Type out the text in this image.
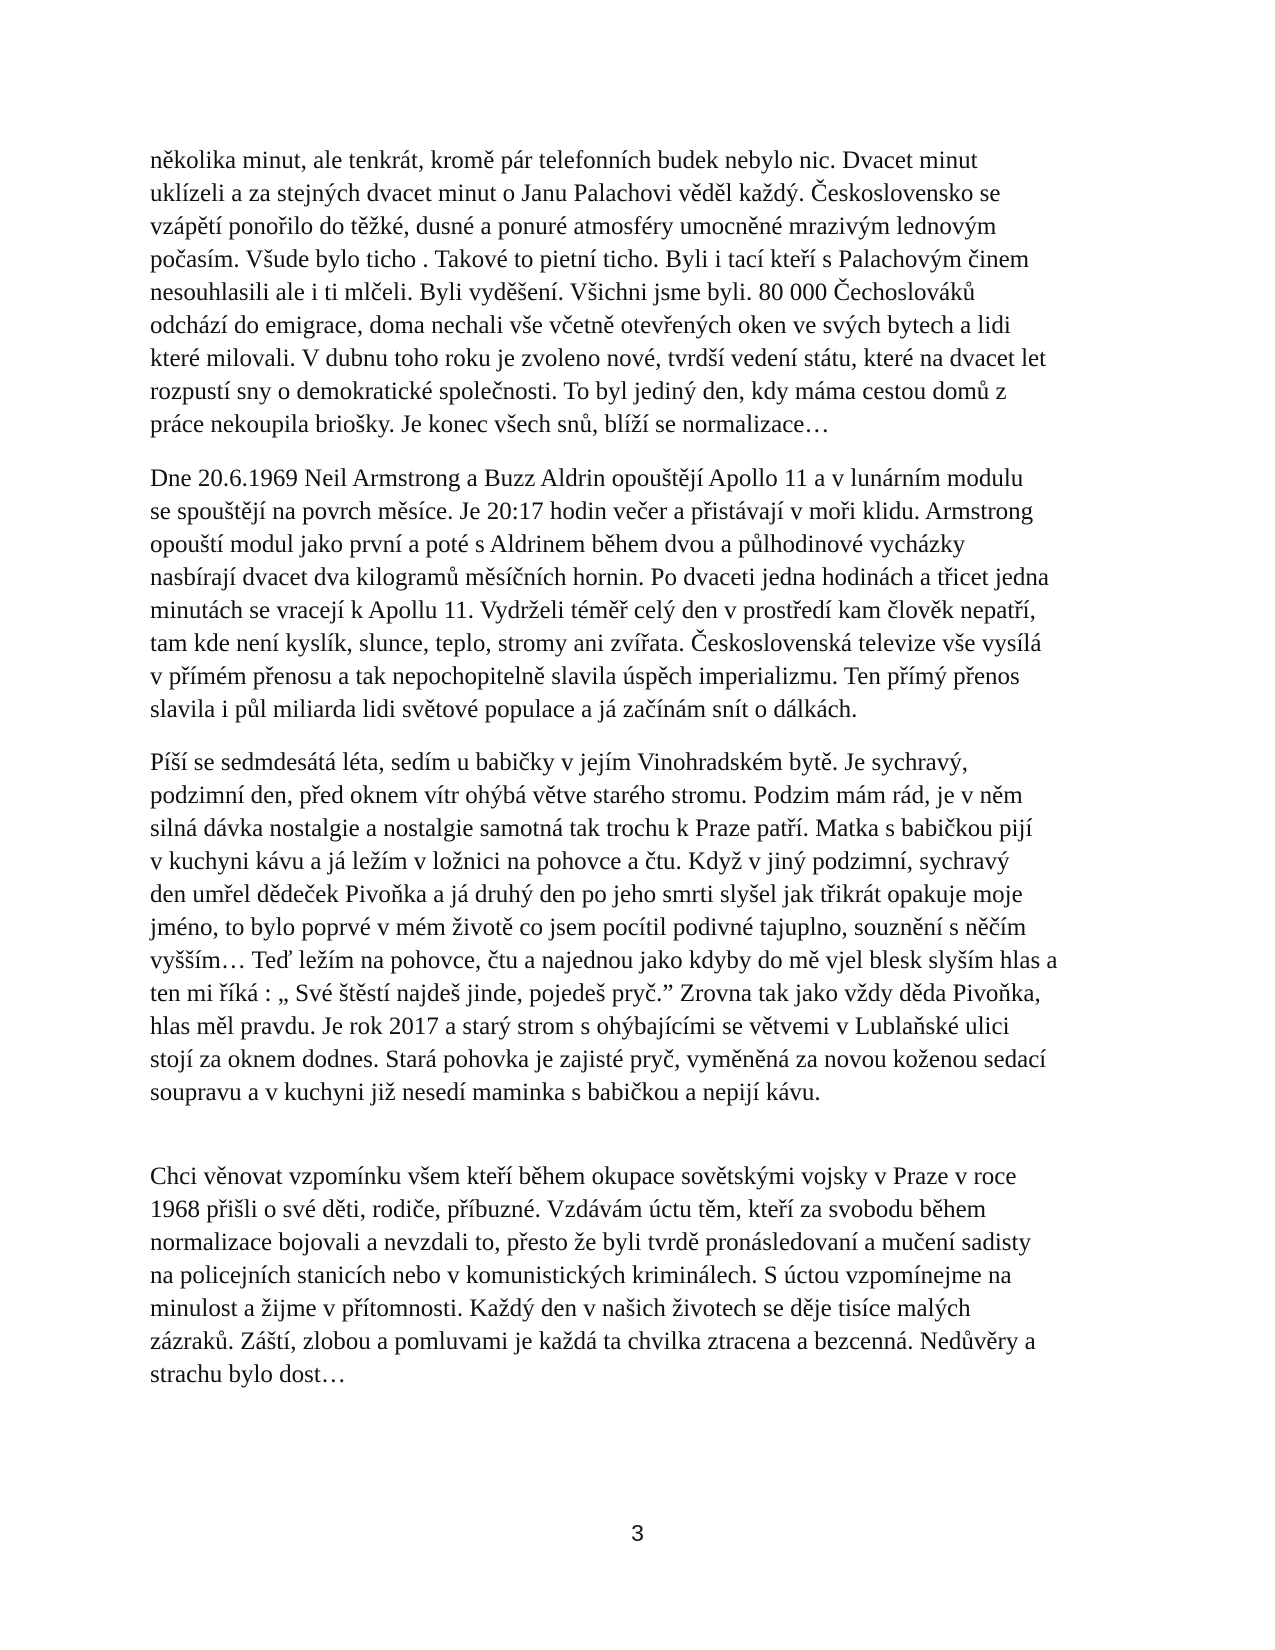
několika minut, ale tenkrát, kromě pár telefonních budek nebylo nic. Dvacet minut
uklízeli a za stejných dvacet minut o Janu Palachovi věděl každý. Československo se
vzápětí ponořilo do těžké, dusné a ponuré atmosféry umocněné mrazivým lednovým
počasím. Všude bylo ticho . Takové to pietní ticho. Byli i tací kteří s Palachovým činem
nesouhlasili ale i ti mlčeli. Byli vyděšení. Všichni jsme byli. 80 000 Čechoslováků
odchází do emigrace, doma nechali vše včetně otevřených oken ve svých bytech a lidi
které milovali. V dubnu toho roku je zvoleno nové, tvrdší vedení státu, které na dvacet let
rozpustí sny o demokratické společnosti. To byl jediný den, kdy máma cestou domů z
práce nekoupila briošky. Je konec všech snů, blíží se normalizace…
Dne 20.6.1969 Neil Armstrong a Buzz Aldrin opouštějí Apollo 11 a v lunárním modulu
se spouštějí na povrch měsíce. Je 20:17 hodin večer a přistávají v moři klidu. Armstrong
opouští modul jako první a poté s Aldrinem během dvou a půlhodinové vycházky
nasbírají dvacet dva kilogramů měsíčních hornin. Po dvaceti jedna hodinách a třicet jedna
minutách se vracejí k Apollu 11. Vydrželi téměř celý den v prostředí kam člověk nepatří,
tam kde není kyslík, slunce, teplo, stromy ani zvířata. Československá televize vše vysílá
v přímém přenosu a tak nepochopitelně slavila úspěch imperializmu. Ten přímý přenos
slavila i půl miliarda lidi světové populace a já začínám snít o dálkách.
Píší se sedmdesátá léta, sedím u babičky v jejím Vinohradském bytě. Je sychravý,
podzimní den, před oknem vítr ohýbá větve starého stromu. Podzim mám rád, je v něm
silná dávka nostalgie a nostalgie samotná tak trochu k Praze patří. Matka s babičkou pijí
v kuchyni kávu a já ležím v ložnici na pohovce a čtu. Když v jiný podzimní, sychravý
den umřel dědeček Pivoňka a já druhý den po jeho smrti slyšel jak třikrát opakuje moje
jméno, to bylo poprvé v mém životě co jsem pocítil podivné tajuplno, souznění s něčím
vyšším… Teď ležím na pohovce, čtu a najednou jako kdyby do mě vjel blesk slyším hlas a
ten mi říká : „ Své štěstí najdeš jinde, pojedeš pryč.” Zrovna tak jako vždy děda Pivoňka,
hlas měl pravdu. Je rok 2017 a starý strom s ohýbajícími se větvemi v Lublaňské ulici
stojí za oknem dodnes. Stará pohovka je zajisté pryč, vyměněná za novou koženou sedací
soupravu a v kuchyni již nesedí maminka s babičkou a nepijí kávu.
Chci věnovat vzpomínku všem kteří během okupace sovětskými vojsky v Praze v roce
1968 přišli o své děti, rodiče, příbuzné. Vzdávám úctu těm, kteří za svobodu během
normalizace bojovali a nevzdali to, přesto že byli tvrdě pronásledovaní a mučení sadisty
na policejních stanicích nebo v komunistických kriminálech. S úctou vzpomínejme na
minulost a žijme v přítomnosti. Každý den v našich životech se děje tisíce malých
zázraků. Záští, zlobou a pomluvami je každá ta chvilka ztracena a bezcenná. Nedůvěry a
strachu bylo dost…
3
